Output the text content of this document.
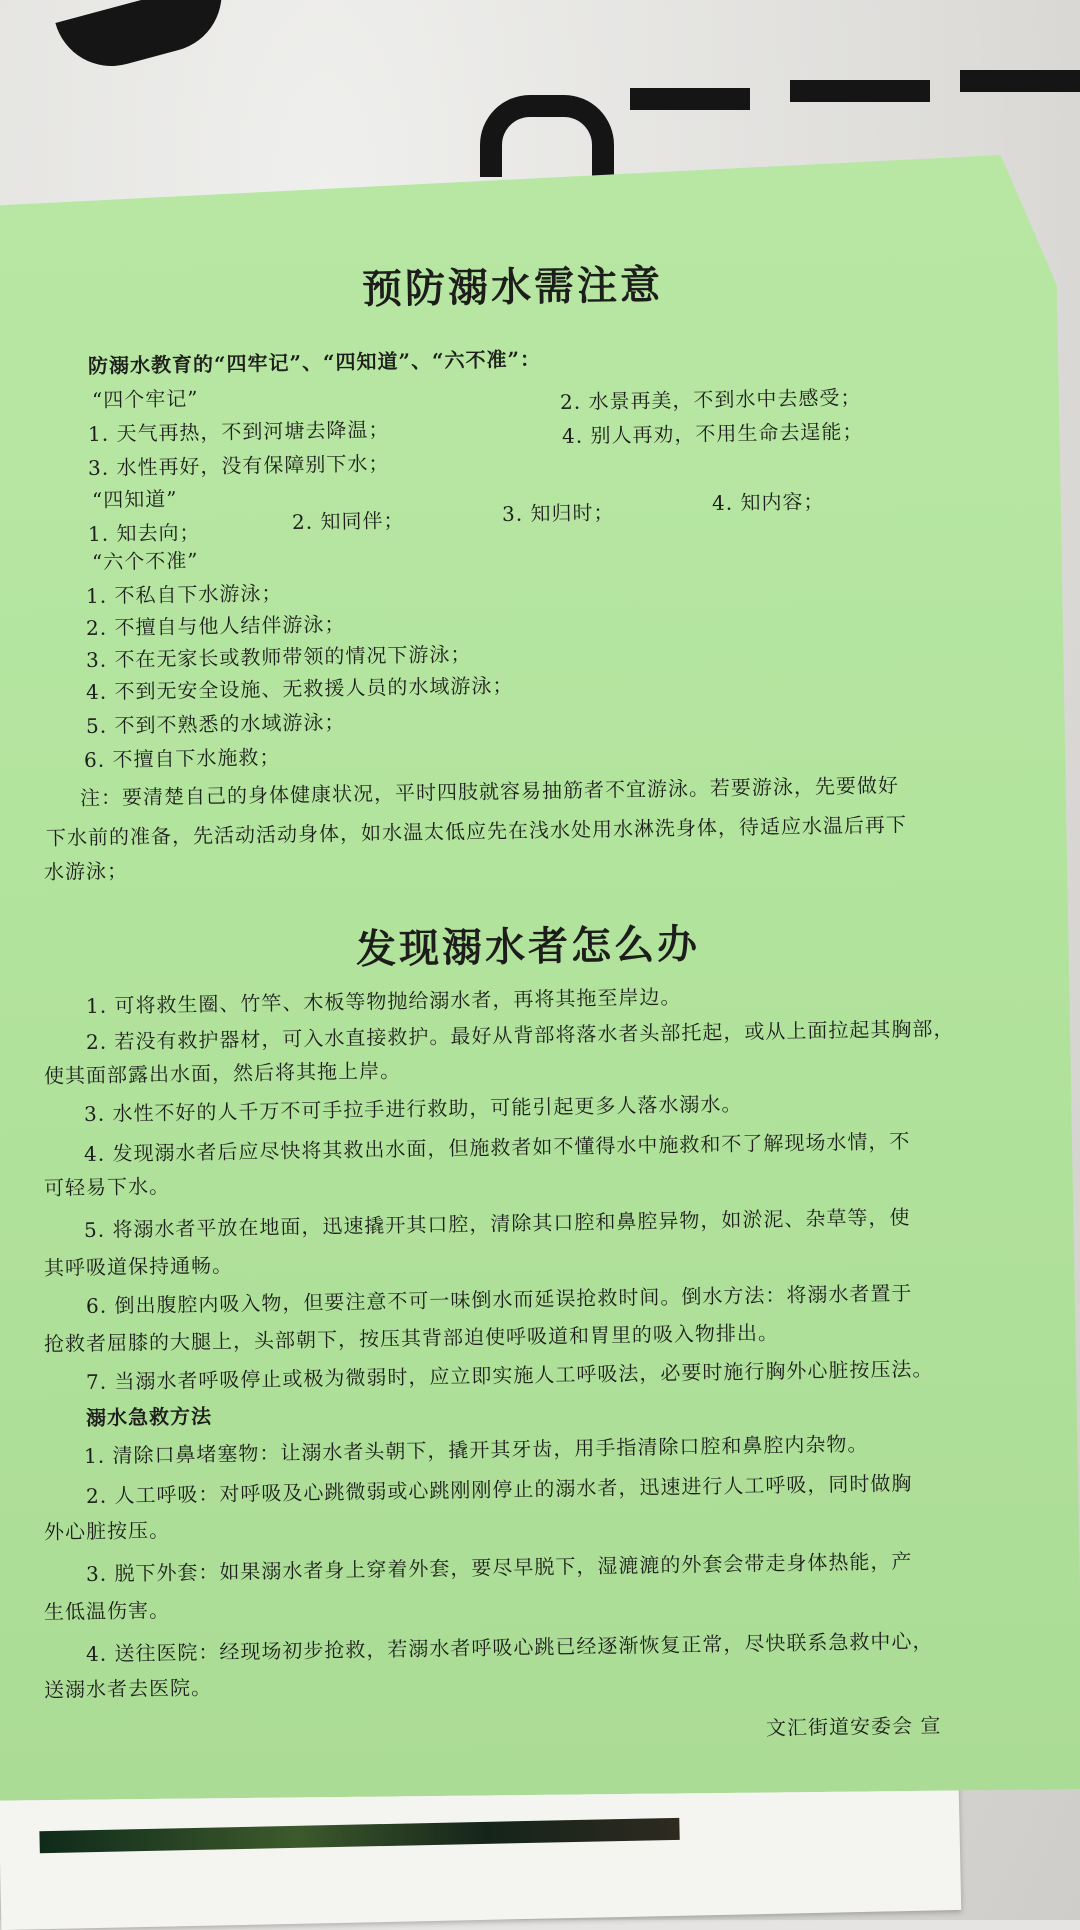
预防溺水需注意
防溺水教育的“四牢记”、“四知道”、“六不准”：
“四个牢记”
1. 天气再热，不到河塘去降温；
2. 水景再美，不到水中去感受；
3. 水性再好，没有保障别下水；
4. 别人再劝，不用生命去逞能；
“四知道”
1. 知去向；	2. 知同伴；	3. 知归时；	4. 知内容；
“六个不准”
1. 不私自下水游泳；
2. 不擅自与他人结伴游泳；
3. 不在无家长或教师带领的情况下游泳；
4. 不到无安全设施、无救援人员的水域游泳；
5. 不到不熟悉的水域游泳；
6. 不擅自下水施救；
注：要清楚自己的身体健康状况，平时四肢就容易抽筋者不宜游泳。若要游泳，先要做好
下水前的准备，先活动活动身体，如水温太低应先在浅水处用水淋洗身体，待适应水温后再下
水游泳；
发现溺水者怎么办
1. 可将救生圈、竹竿、木板等物抛给溺水者，再将其拖至岸边。
2. 若没有救护器材，可入水直接救护。最好从背部将落水者头部托起，或从上面拉起其胸部，
使其面部露出水面，然后将其拖上岸。
3. 水性不好的人千万不可手拉手进行救助，可能引起更多人落水溺水。
4. 发现溺水者后应尽快将其救出水面，但施救者如不懂得水中施救和不了解现场水情，不
可轻易下水。
5. 将溺水者平放在地面，迅速撬开其口腔，清除其口腔和鼻腔异物，如淤泥、杂草等，使
其呼吸道保持通畅。
6. 倒出腹腔内吸入物，但要注意不可一味倒水而延误抢救时间。倒水方法：将溺水者置于
抢救者屈膝的大腿上，头部朝下，按压其背部迫使呼吸道和胃里的吸入物排出。
7. 当溺水者呼吸停止或极为微弱时，应立即实施人工呼吸法，必要时施行胸外心脏按压法。
溺水急救方法
1. 清除口鼻堵塞物：让溺水者头朝下，撬开其牙齿，用手指清除口腔和鼻腔内杂物。
2. 人工呼吸：对呼吸及心跳微弱或心跳刚刚停止的溺水者，迅速进行人工呼吸，同时做胸
外心脏按压。
3. 脱下外套：如果溺水者身上穿着外套，要尽早脱下，湿漉漉的外套会带走身体热能，产
生低温伤害。
4. 送往医院：经现场初步抢救，若溺水者呼吸心跳已经逐渐恢复正常，尽快联系急救中心，
送溺水者去医院。
文汇街道安委会 宣
